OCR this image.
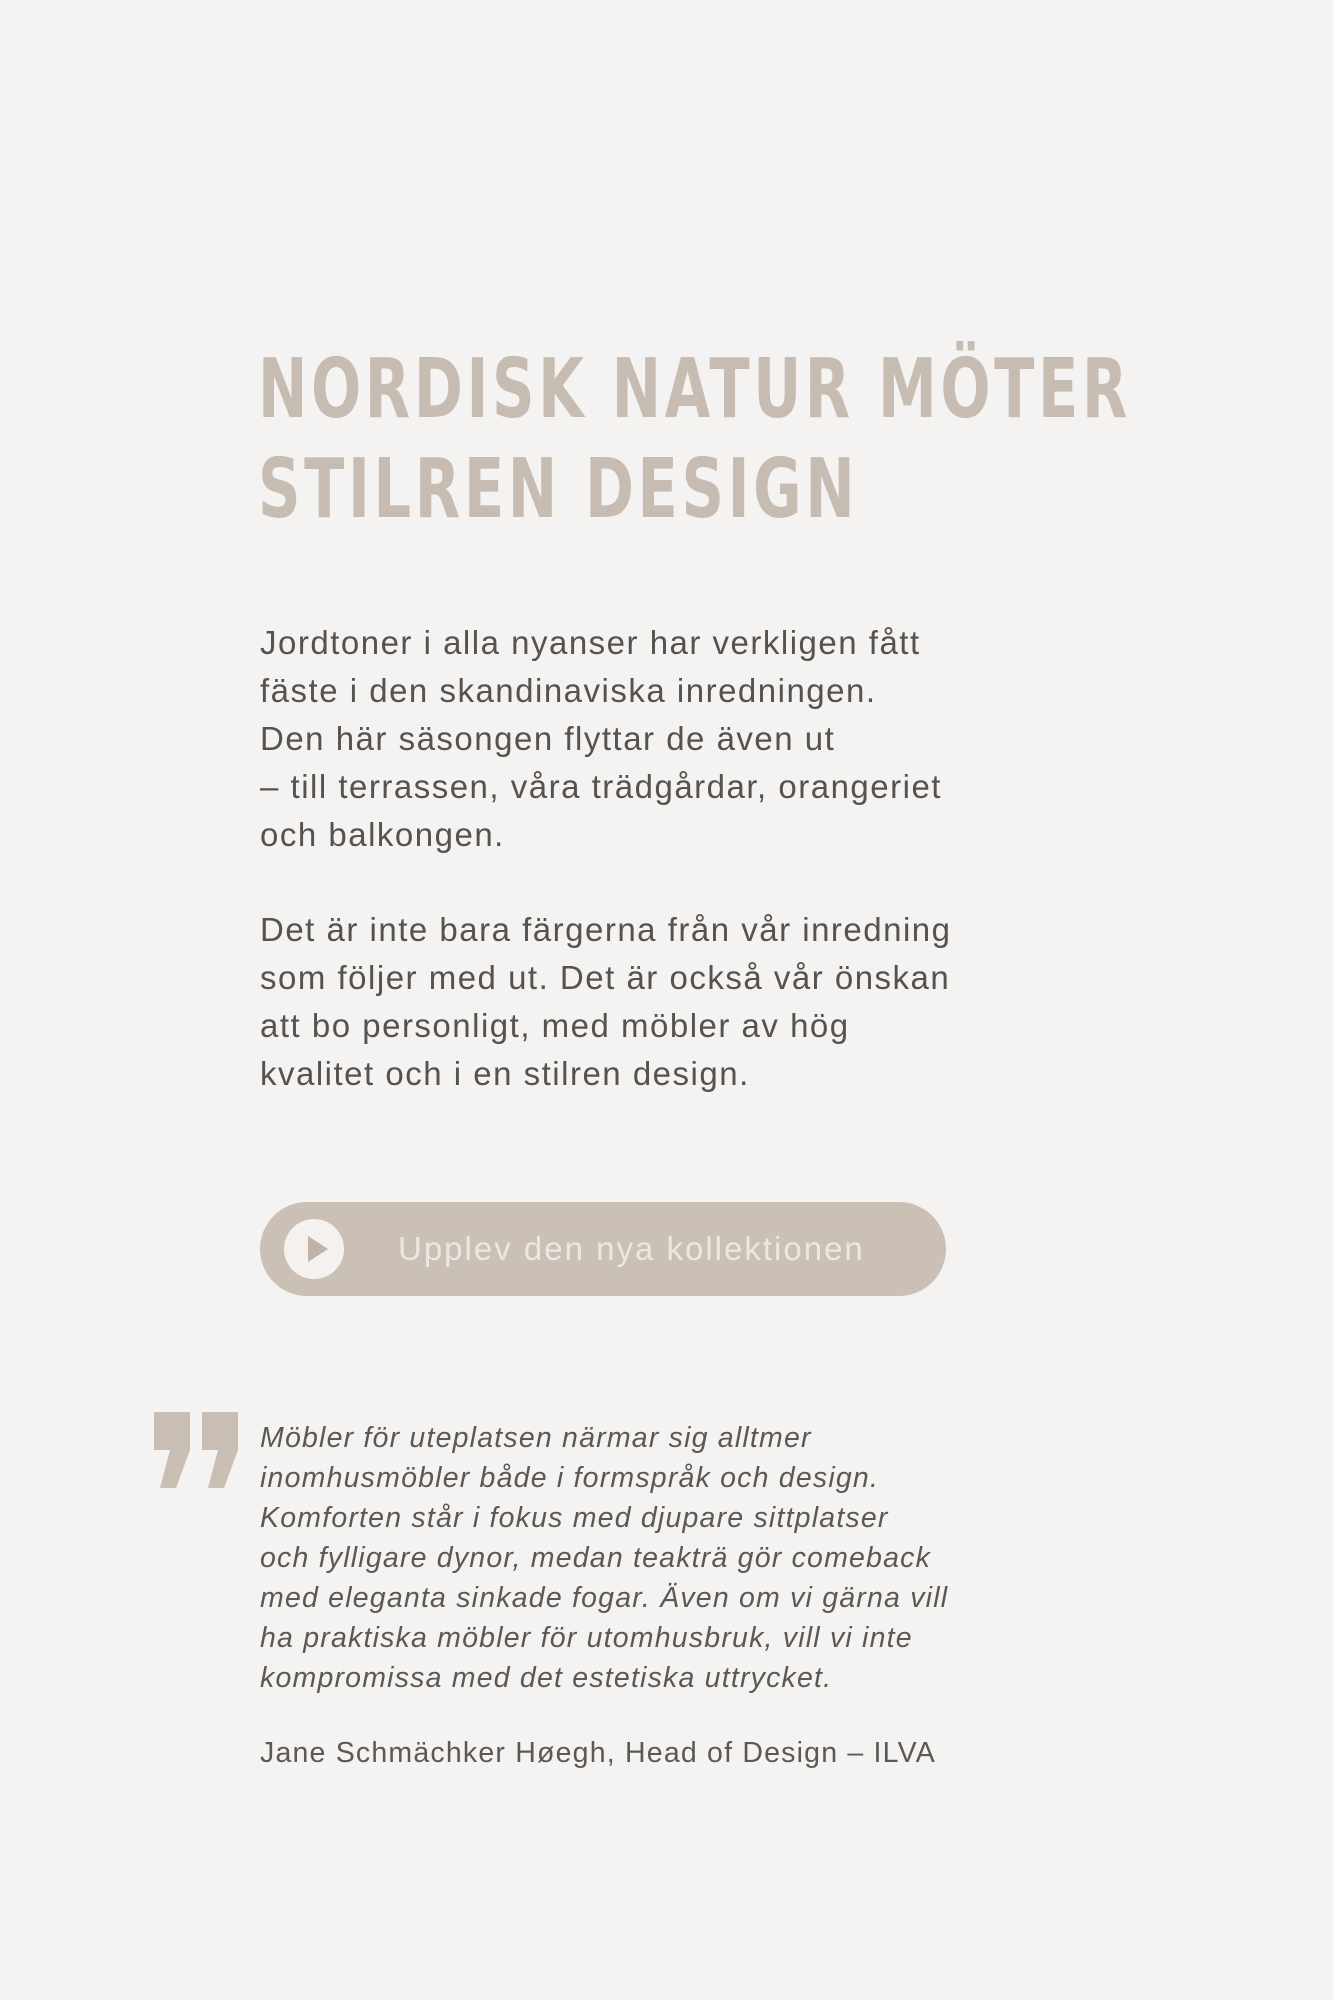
NORDISK NATUR MÖTER
STILREN DESIGN

Jordtoner i alla nyanser har verkligen fått
fäste i den skandinaviska inredningen.
Den här säsongen flyttar de även ut
– till terrassen, våra trädgårdar, orangeriet
och balkongen.

Det är inte bara färgerna från vår inredning
som följer med ut. Det är också vår önskan
att bo personligt, med möbler av hög
kvalitet och i en stilren design.

Upplev den nya kollektionen
Möbler för uteplatsen närmar sig alltmer
inomhusmöbler både i formspråk och design.
Komforten står i fokus med djupare sittplatser
och fylligare dynor, medan teakträ gör comeback
med eleganta sinkade fogar. Även om vi gärna vill
ha praktiska möbler för utomhusbruk, vill vi inte
kompromissa med det estetiska uttrycket.

Jane Schmächker Høegh, Head of Design – ILVA
